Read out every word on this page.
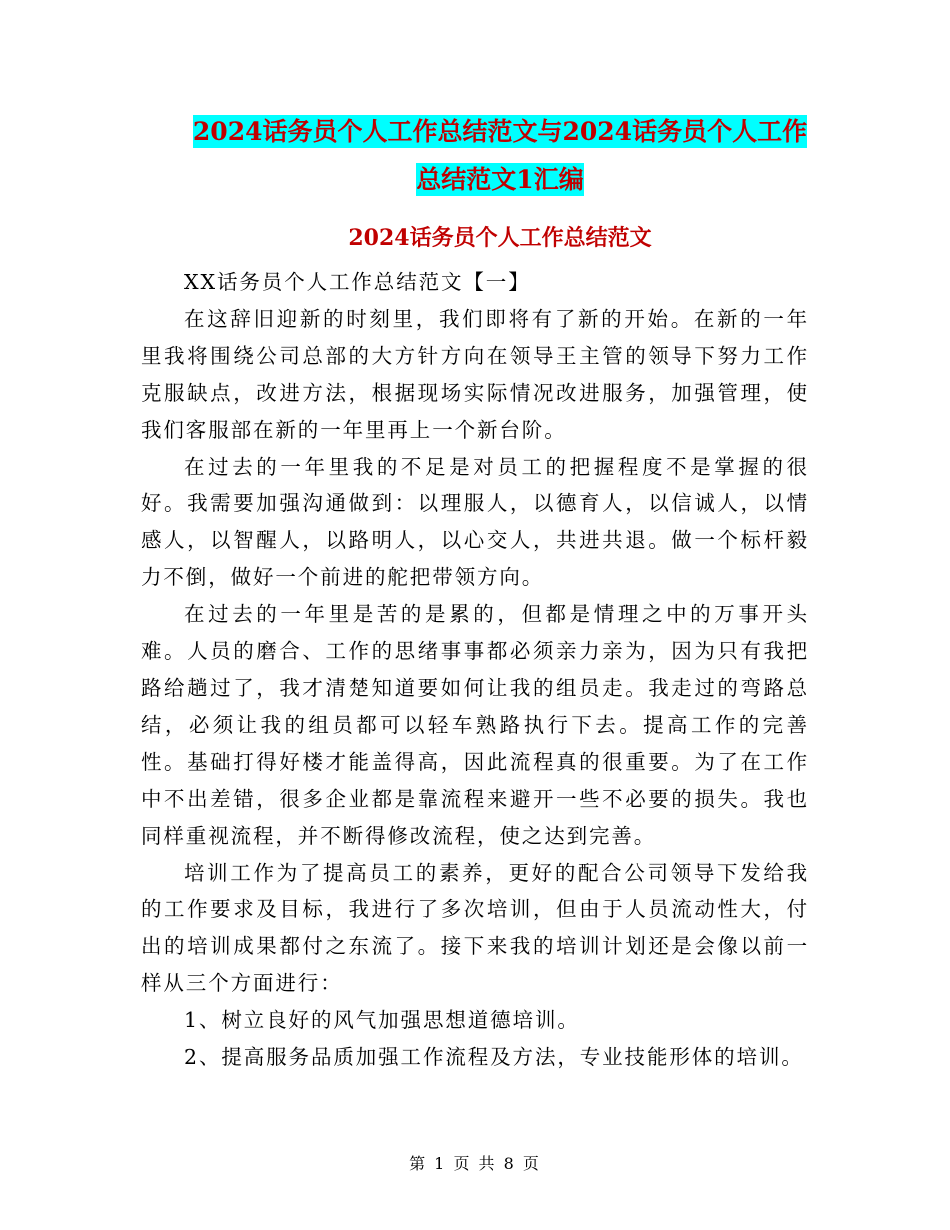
2024话务员个人工作总结范文与2024话务员个人工作
总结范文1汇编
2024话务员个人工作总结范文

XX话务员个人工作总结范文【一】

在这辞旧迎新的时刻里，我们即将有了新的开始。在新的一年里我将围绕公司总部的大方针方向在领导王主管的领导下努力工作克服缺点，改进方法，根据现场实际情况改进服务，加强管理，使我们客服部在新的一年里再上一个新台阶。

在过去的一年里我的不足是对员工的把握程度不是掌握的很好。我需要加强沟通做到：以理服人，以德育人，以信诚人，以情感人，以智醒人，以路明人，以心交人，共进共退。做一个标杆毅力不倒，做好一个前进的舵把带领方向。

在过去的一年里是苦的是累的，但都是情理之中的万事开头难。人员的磨合、工作的思绪事事都必须亲力亲为，因为只有我把路给趟过了，我才清楚知道要如何让我的组员走。我走过的弯路总结，必须让我的组员都可以轻车熟路执行下去。提高工作的完善性。基础打得好楼才能盖得高，因此流程真的很重要。为了在工作中不出差错，很多企业都是靠流程来避开一些不必要的损失。我也同样重视流程，并不断得修改流程，使之达到完善。

培训工作为了提高员工的素养，更好的配合公司领导下发给我的工作要求及目标，我进行了多次培训，但由于人员流动性大，付出的培训成果都付之东流了。接下来我的培训计划还是会像以前一样从三个方面进行：

1、树立良好的风气加强思想道德培训。

2、提高服务品质加强工作流程及方法，专业技能形体的培训。

第 1 页 共 8 页
